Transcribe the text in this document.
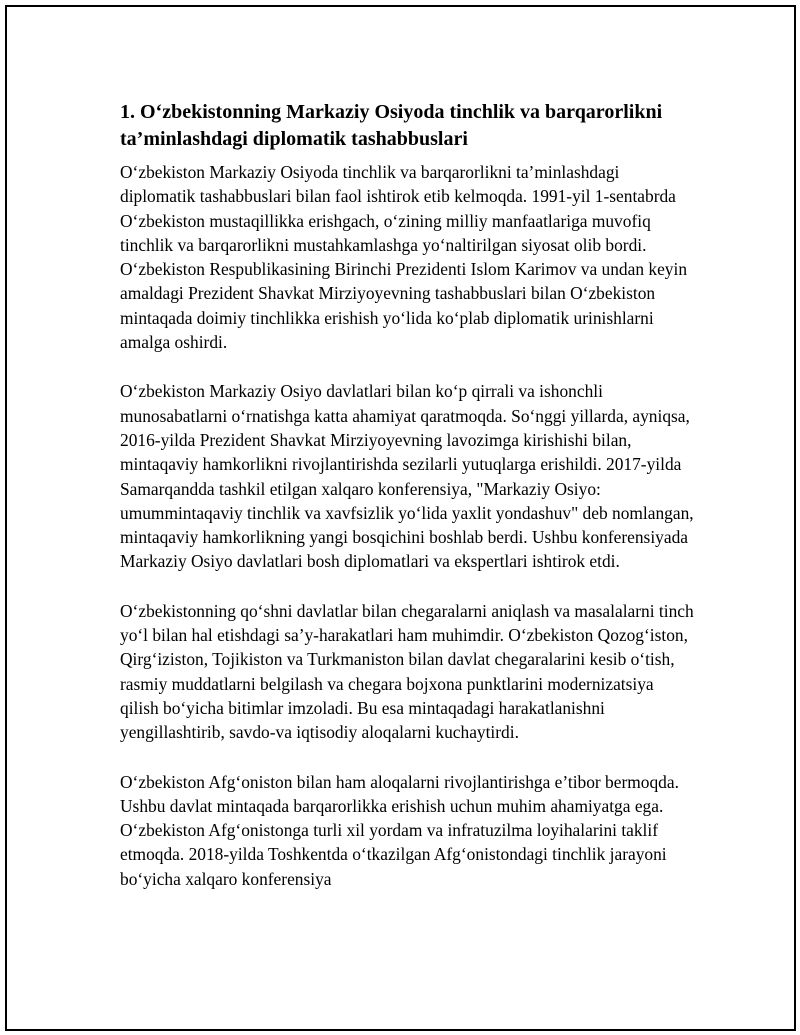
1. O‘zbekistonning Markaziy Osiyoda tinchlik va barqarorlikni ta’minlashdagi diplomatik tashabbuslari

O‘zbekiston Markaziy Osiyoda tinchlik va barqarorlikni ta’minlashdagi diplomatik tashabbuslari bilan faol ishtirok etib kelmoqda. 1991-yil 1-sentabrda O‘zbekiston mustaqillikka erishgach, o‘zining milliy manfaatlariga muvofiq tinchlik va barqarorlikni mustahkamlashga yo‘naltirilgan siyosat olib bordi. O‘zbekiston Respublikasining Birinchi Prezidenti Islom Karimov va undan keyin amaldagi Prezident Shavkat Mirziyoyevning tashabbuslari bilan O‘zbekiston mintaqada doimiy tinchlikka erishish yo‘lida ko‘plab diplomatik urinishlarni amalga oshirdi.

O‘zbekiston Markaziy Osiyo davlatlari bilan ko‘p qirrali va ishonchli munosabatlarni o‘rnatishga katta ahamiyat qaratmoqda. So‘nggi yillarda, ayniqsa, 2016-yilda Prezident Shavkat Mirziyoyevning lavozimga kirishishi bilan, mintaqaviy hamkorlikni rivojlantirishda sezilarli yutuqlarga erishildi. 2017-yilda Samarqandda tashkil etilgan xalqaro konferensiya, "Markaziy Osiyo: umummintaqaviy tinchlik va xavfsizlik yo‘lida yaxlit yondashuv" deb nomlangan, mintaqaviy hamkorlikning yangi bosqichini boshlab berdi. Ushbu konferensiyada Markaziy Osiyo davlatlari bosh diplomatlari va ekspertlari ishtirok etdi.

O‘zbekistonning qo‘shni davlatlar bilan chegaralarni aniqlash va masalalarni tinch yo‘l bilan hal etishdagi sa’y-harakatlari ham muhimdir. O‘zbekiston Qozog‘iston, Qirg‘iziston, Tojikiston va Turkmaniston bilan davlat chegaralarini kesib o‘tish, rasmiy muddatlarni belgilash va chegara bojxona punktlarini modernizatsiya qilish bo‘yicha bitimlar imzoladi. Bu esa mintaqadagi harakatlanishni yengillashtirib, savdo-va iqtisodiy aloqalarni kuchaytirdi.

O‘zbekiston Afg‘oniston bilan ham aloqalarni rivojlantirishga e’tibor bermoqda. Ushbu davlat mintaqada barqarorlikka erishish uchun muhim ahamiyatga ega. O‘zbekiston Afg‘onistonga turli xil yordam va infratuzilma loyihalarini taklif etmoqda. 2018-yilda Toshkentda o‘tkazilgan Afg‘onistondagi tinchlik jarayoni bo‘yicha xalqaro konferensiya
